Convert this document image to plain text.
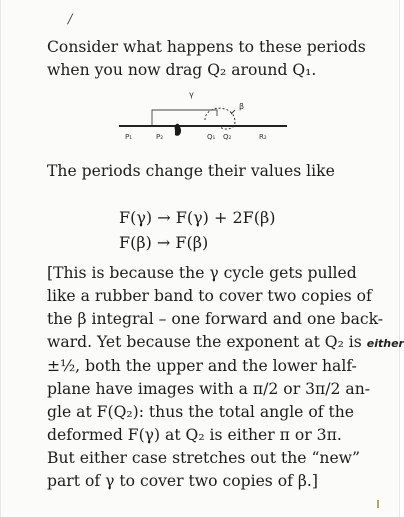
/
Consider what happens to these periods
when you now drag Q₂ around Q₁.
γ
β
P₁	P₂	Q₁ Q₂	R₂
The periods change their values like
F(γ) → F(γ) + 2F(β)
F(β) → F(β)
[This is because the γ cycle gets pulled
like a rubber band to cover two copies of
the β integral – one forward and one back-
ward. Yet because the exponent at Q₂ is either
±½, both the upper and the lower half-
plane have images with a π/2 or 3π/2 an-
gle at F(Q₂): thus the total angle of the
deformed F(γ) at Q₂ is either π or 3π.
But either case stretches out the “new”
part of γ to cover two copies of β.]
